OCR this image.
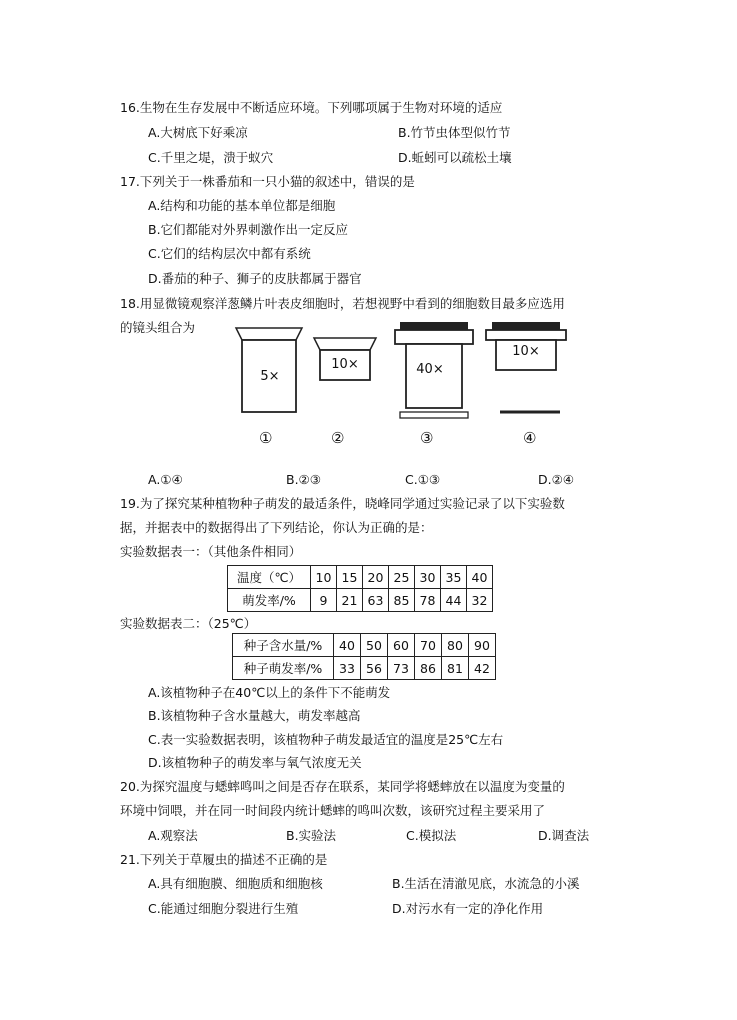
16.生物在生存发展中不断适应环境。下列哪项属于生物对环境的适应
A.大树底下好乘凉	B.竹节虫体型似竹节
C.千里之堤，溃于蚁穴	D.蚯蚓可以疏松土壤
17.下列关于一株番茄和一只小猫的叙述中，错误的是
A.结构和功能的基本单位都是细胞
B.它们都能对外界刺激作出一定反应
C.它们的结构层次中都有系统
D.番茄的种子、狮子的皮肤都属于器官
18.用显微镜观察洋葱鳞片叶表皮细胞时，若想视野中看到的细胞数目最多应选用
的镜头组合为
5×
10×	40×
10×
①	②	③	④
A.①④	B.②③	C.①③	D.②④
19.为了探究某种植物种子萌发的最适条件，晓峰同学通过实验记录了以下实验数
据，并据表中的数据得出了下列结论，你认为正确的是：
实验数据表一：（其他条件相同）
温度（℃）	10	15	20	25	30	35	40
萌发率/%	9	21	63	85	78	44	32
实验数据表二：（25℃）
种子含水量/%	40	50	60	70	80	90
种子萌发率/%	33	56	73	86	81	42
A.该植物种子在40℃以上的条件下不能萌发
B.该植物种子含水量越大，萌发率越高
C.表一实验数据表明，该植物种子萌发最适宜的温度是25℃左右
D.该植物种子的萌发率与氧气浓度无关
20.为探究温度与蟋蟀鸣叫之间是否存在联系，某同学将蟋蟀放在以温度为变量的
环境中饲喂，并在同一时间段内统计蟋蟀的鸣叫次数，该研究过程主要采用了
A.观察法	B.实验法	C.模拟法	D.调查法
21.下列关于草履虫的描述不正确的是
A.具有细胞膜、细胞质和细胞核	B.生活在清澈见底，水流急的小溪
C.能通过细胞分裂进行生殖	D.对污水有一定的净化作用
